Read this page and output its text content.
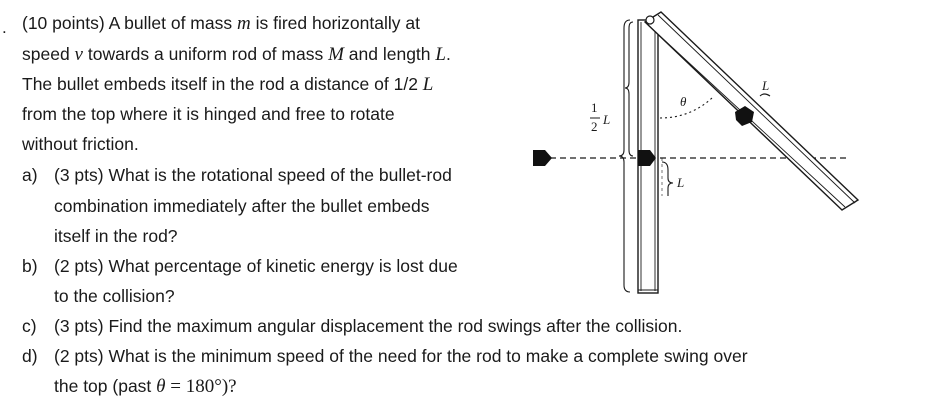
. (10 points) A bullet of mass m is fired horizontally at
speed v towards a uniform rod of mass M and length L.
The bullet embeds itself in the rod a distance of 1/2 L
from the top where it is hinged and free to rotate
without friction.
a) (3 pts) What is the rotational speed of the bullet-rod
combination immediately after the bullet embeds
itself in the rod?
b) (2 pts) What percentage of kinetic energy is lost due
to the collision?
c) (3 pts) Find the maximum angular displacement the rod swings after the collision.
d) (2 pts) What is the minimum speed of the need for the rod to make a complete swing over
the top (past θ = 180°)?
1
2 L
L
L
θ
